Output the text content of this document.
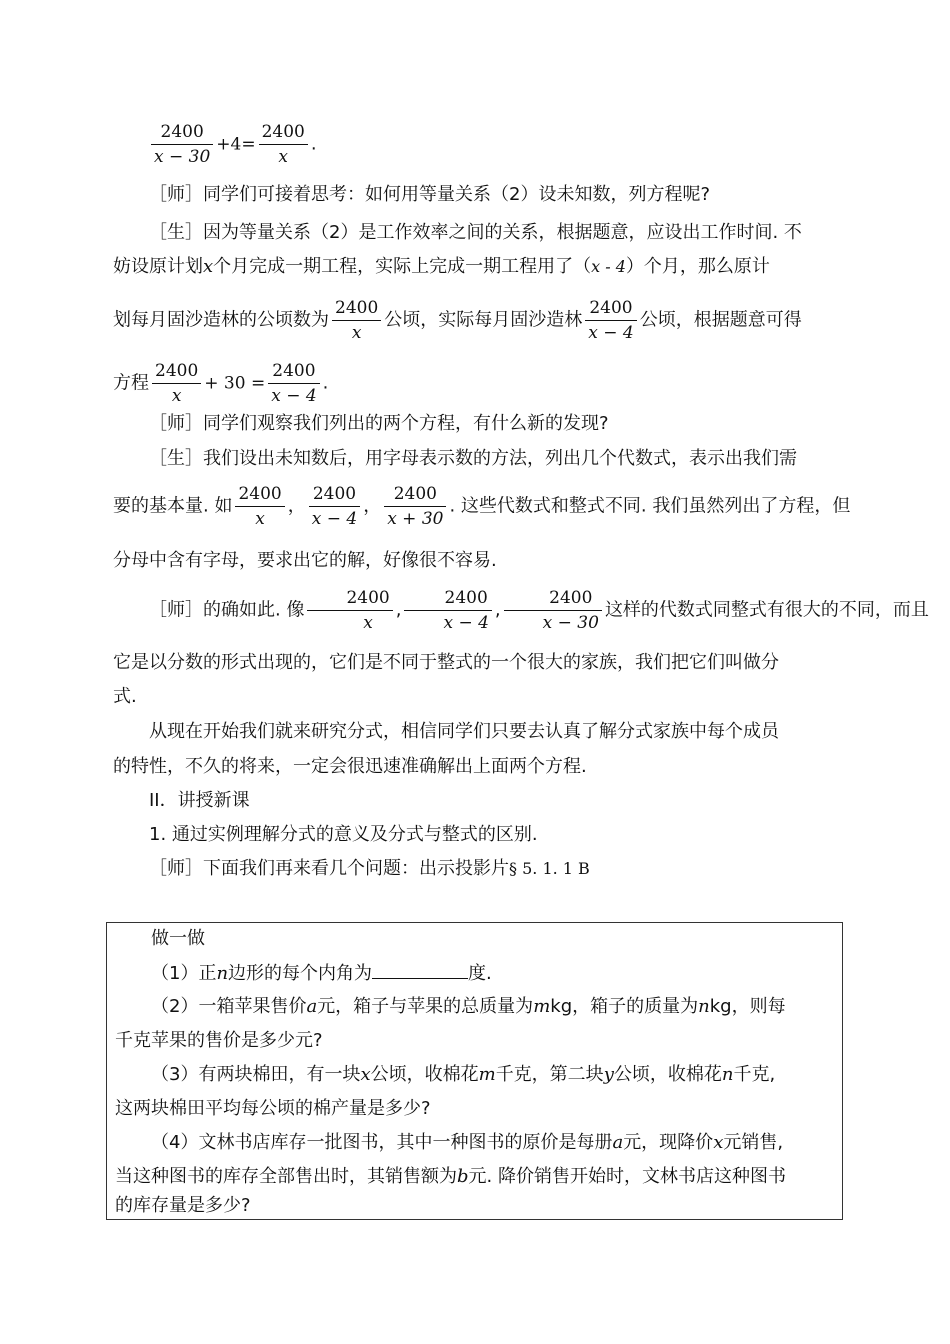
$\frac{2400}{x - 30} +4= \frac{2400}{x}$ .
［师］同学们可接着思考：如何用等量关系（2）设未知数，列方程呢?
［生］因为等量关系（2）是工作效率之间的关系，根据题意，应设出工作时间. 不
妨设原计划x个月完成一期工程，实际上完成一期工程用了（x - 4）个月，那么原计
划每月固沙造林的公顷数为 $\frac{2400}{x}$ 公顷，实际每月固沙造林 $\frac{2400}{x - 4}$ 公顷，根据题意可得
方程 $\frac{2400}{x} + 30 = \frac{2400}{x - 4}$ .
［师］同学们观察我们列出的两个方程，有什么新的发现?
［生］我们设出未知数后，用字母表示数的方法，列出几个代数式，表示出我们需
要的基本量. 如 $\frac{2400}{x}$ ， $\frac{2400}{x - 4}$ ， $\frac{2400}{x + 30}$ . 这些代数式和整式不同. 我们虽然列出了方程，但
分母中含有字母，要求出它的解，好像很不容易.
［师］的确如此. 像 $\frac{2400}{x}$ , $\frac{2400}{x - 4}$ , $\frac{2400}{x - 30}$ 这样的代数式同整式有很大的不同，而且
它是以分数的形式出现的，它们是不同于整式的一个很大的家族，我们把它们叫做分
式.
从现在开始我们就来研究分式，相信同学们只要去认真了解分式家族中每个成员
的特性，不久的将来，一定会很迅速准确解出上面两个方程.
II．讲授新课
1. 通过实例理解分式的意义及分式与整式的区别.
［师］下面我们再来看几个问题：出示投影片§ 5. 1. 1 B
做一做
（1）正n边形的每个内角为	度.
（2）一箱苹果售价a元，箱子与苹果的总质量为mkg，箱子的质量为nkg，则每
千克苹果的售价是多少元?
（3）有两块棉田，有一块x公顷，收棉花m千克，第二块y公顷，收棉花n千克,
这两块棉田平均每公顷的棉产量是多少?
（4）文林书店库存一批图书，其中一种图书的原价是每册a元，现降价x元销售,
当这种图书的库存全部售出时，其销售额为b元. 降价销售开始时，文林书店这种图书
的库存量是多少?
